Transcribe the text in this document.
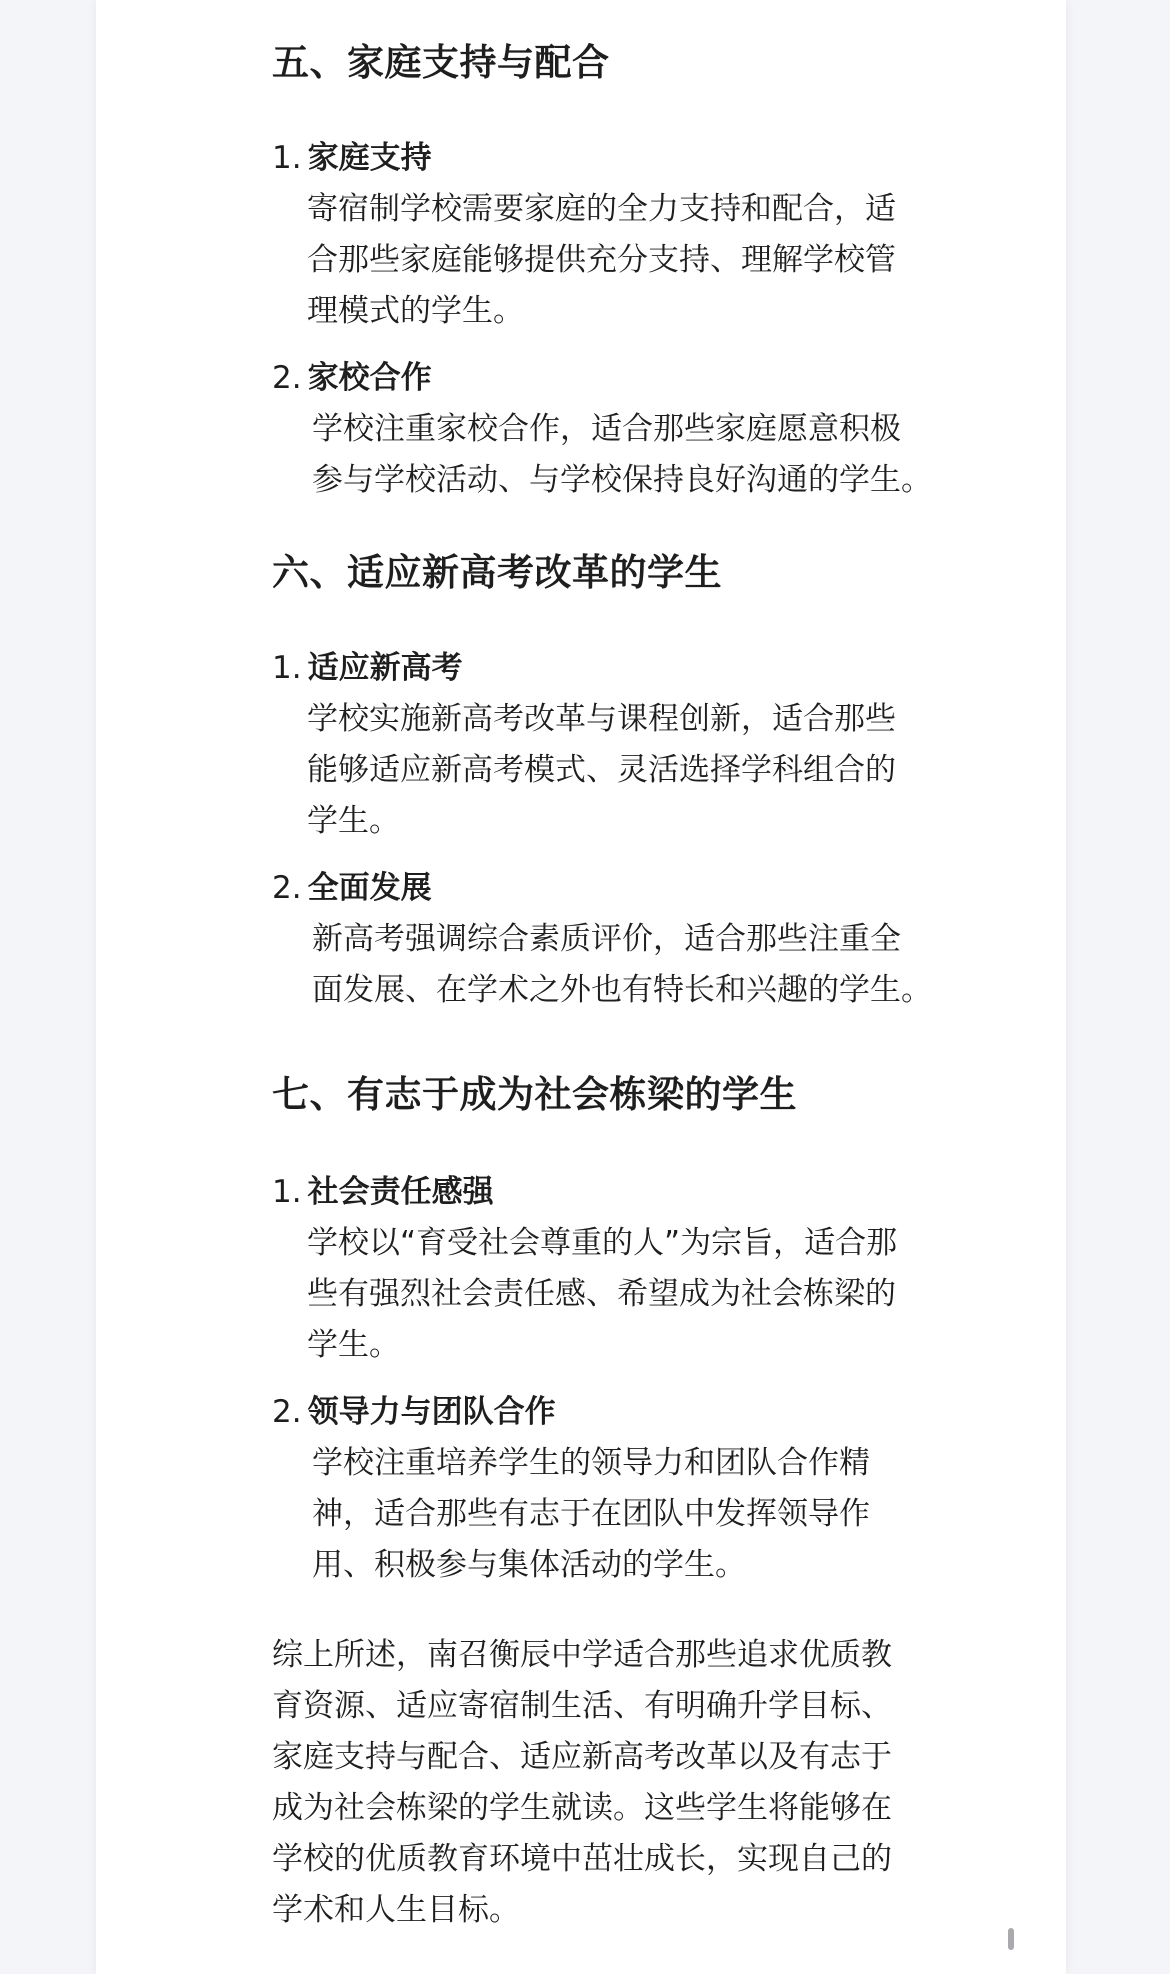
五、家庭支持与配合
1. 家庭支持
寄宿制学校需要家庭的全力支持和配合，适
合那些家庭能够提供充分支持、理解学校管
理模式的学生。
2. 家校合作
学校注重家校合作，适合那些家庭愿意积极
参与学校活动、与学校保持良好沟通的学生。
六、适应新高考改革的学生
1. 适应新高考
学校实施新高考改革与课程创新，适合那些
能够适应新高考模式、灵活选择学科组合的
学生。
2. 全面发展
新高考强调综合素质评价，适合那些注重全
面发展、在学术之外也有特长和兴趣的学生。
七、有志于成为社会栋梁的学生
1. 社会责任感强
学校以“育受社会尊重的人”为宗旨，适合那
些有强烈社会责任感、希望成为社会栋梁的
学生。
2. 领导力与团队合作
学校注重培养学生的领导力和团队合作精
神，适合那些有志于在团队中发挥领导作
用、积极参与集体活动的学生。
综上所述，南召衡辰中学适合那些追求优质教
育资源、适应寄宿制生活、有明确升学目标、
家庭支持与配合、适应新高考改革以及有志于
成为社会栋梁的学生就读。这些学生将能够在
学校的优质教育环境中茁壮成长，实现自己的
学术和人生目标。
